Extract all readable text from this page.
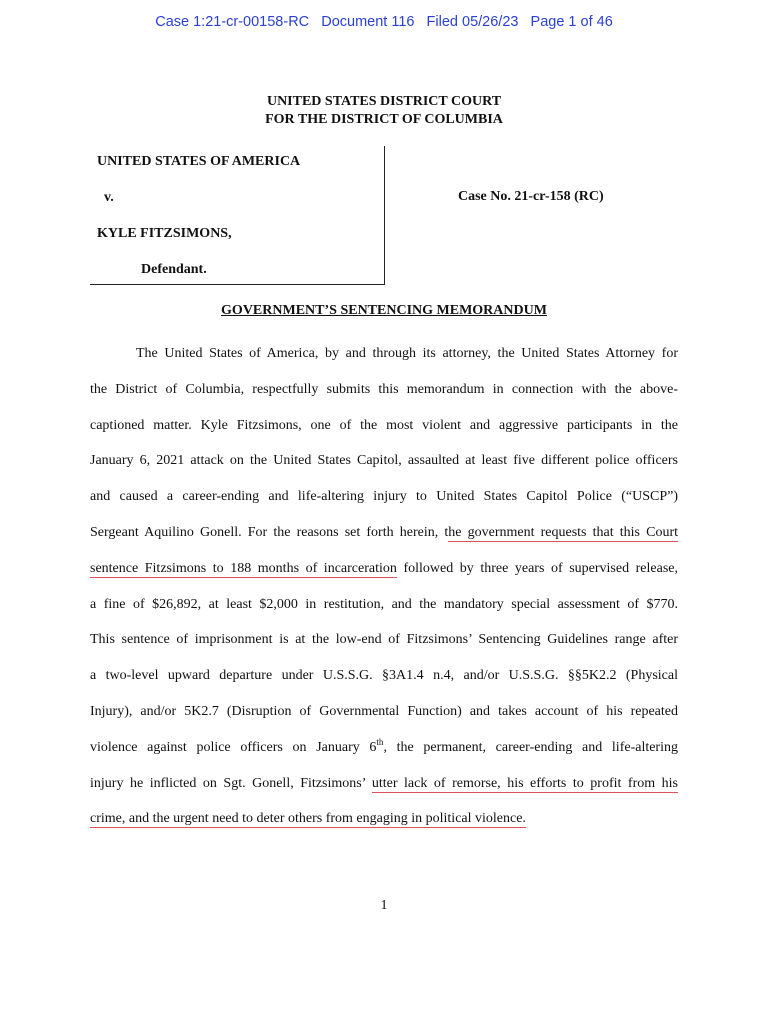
Case 1:21-cr-00158-RC   Document 116   Filed 05/26/23   Page 1 of 46
UNITED STATES DISTRICT COURT
FOR THE DISTRICT OF COLUMBIA
UNITED STATES OF AMERICA
v.
KYLE FITZSIMONS,
Defendant.
Case No. 21-cr-158 (RC)
GOVERNMENT’S SENTENCING MEMORANDUM
The United States of America, by and through its attorney, the United States Attorney for
the District of Columbia, respectfully submits this memorandum in connection with the above-
captioned matter. Kyle Fitzsimons, one of the most violent and aggressive participants in the
January 6, 2021 attack on the United States Capitol, assaulted at least five different police officers
and caused a career-ending and life-altering injury to United States Capitol Police (“USCP”)
Sergeant Aquilino Gonell. For the reasons set forth herein, the government requests that this Court
sentence Fitzsimons to 188 months of incarceration followed by three years of supervised release,
a fine of $26,892, at least $2,000 in restitution, and the mandatory special assessment of $770.
This sentence of imprisonment is at the low-end of Fitzsimons’ Sentencing Guidelines range after
a two-level upward departure under U.S.S.G. §3A1.4 n.4, and/or U.S.S.G. §§5K2.2 (Physical
Injury), and/or 5K2.7 (Disruption of Governmental Function) and takes account of his repeated
violence against police officers on January 6th, the permanent, career-ending and life-altering
injury he inflicted on Sgt. Gonell, Fitzsimons’ utter lack of remorse, his efforts to profit from his
crime, and the urgent need to deter others from engaging in political violence.
1
